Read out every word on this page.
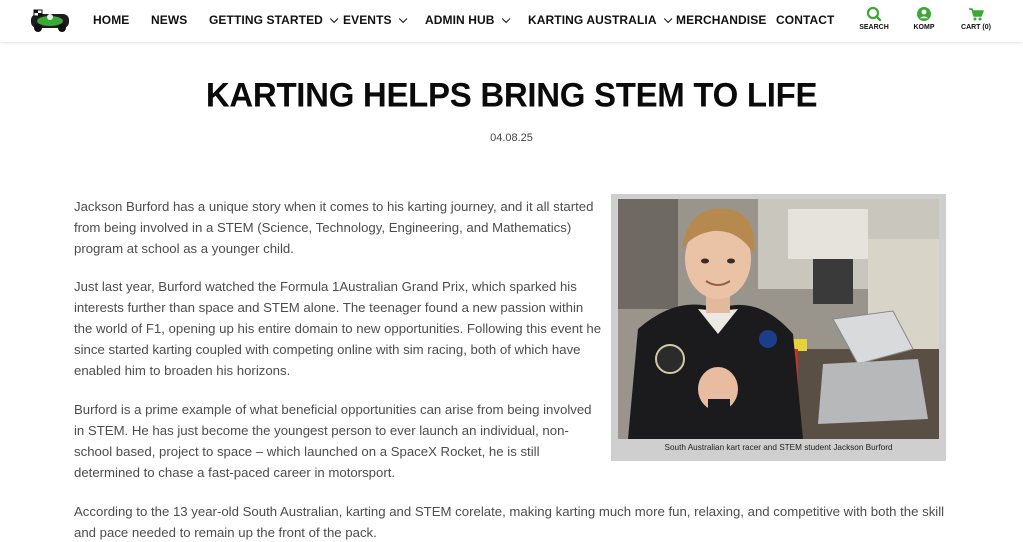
HOME NEWS GETTING STARTED	EVENTS	ADMIN HUB	KARTING AUSTRALIA	MERCHANDISE CONTACT
SEARCH	KOMP	CART (0)
KARTING HELPS BRING STEM TO LIFE
04.08.25

Jackson Burford has a unique story when it comes to his karting journey, and it all started from being involved in a STEM (Science, Technology, Engineering, and Mathematics) program at school as a younger child.

Just last year, Burford watched the Formula 1Australian Grand Prix, which sparked his interests further than space and STEM alone. The teenager found a new passion within the world of F1, opening up his entire domain to new opportunities. Following this event he since started karting coupled with competing online with sim racing, both of which have enabled him to broaden his horizons.

Burford is a prime example of what beneficial opportunities can arise from being involved in STEM. He has just become the youngest person to ever launch an individual, non-school based, project to space – which launched on a SpaceX Rocket, he is still determined to chase a fast-paced career in motorsport.

South Australian kart racer and STEM student Jackson Burford

According to the 13 year-old South Australian, karting and STEM corelate, making karting much more fun, relaxing, and competitive with both the skill and pace needed to remain up the front of the pack.
